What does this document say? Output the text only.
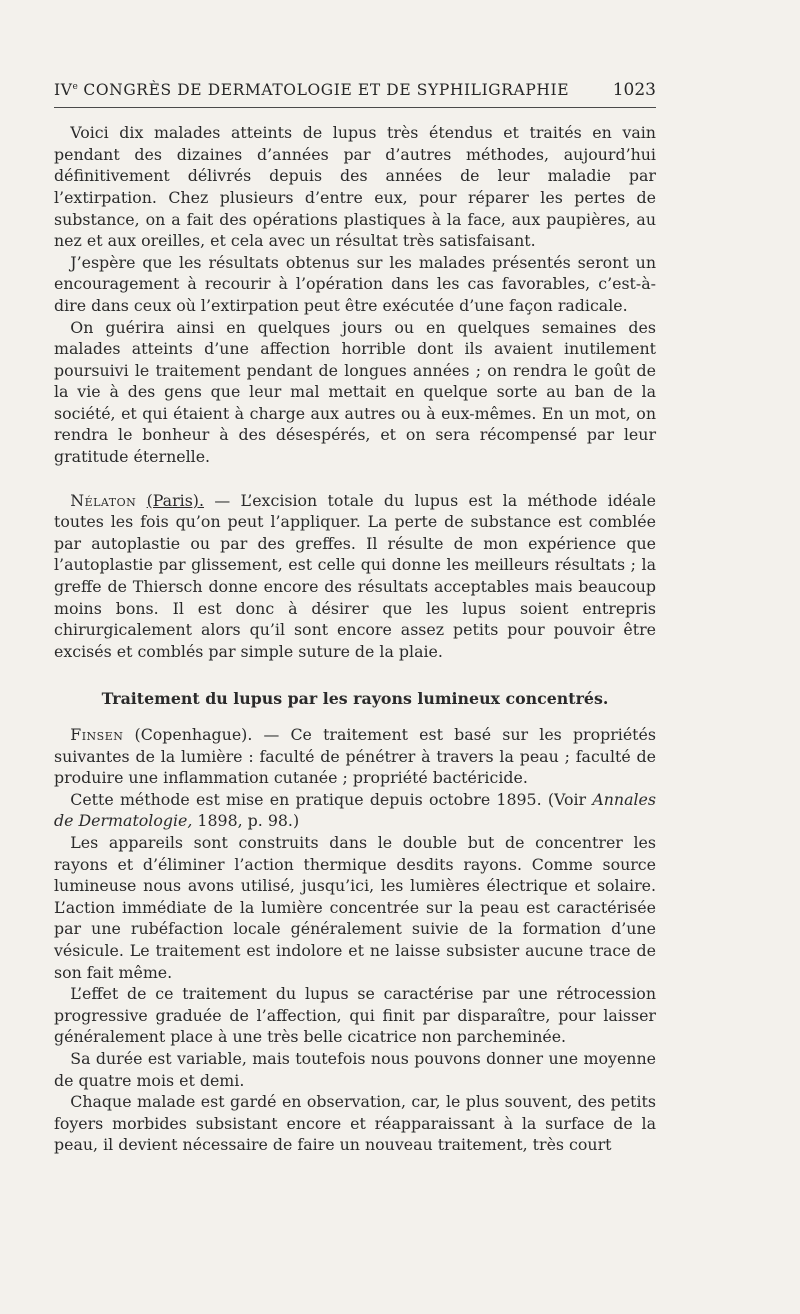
IVe CONGRÈS DE DERMATOLOGIE ET DE SYPHILIGRAPHIE	1023

Voici dix malades atteints de lupus très étendus et traités en vain pendant des dizaines d’années par d’autres méthodes, aujourd’hui définitivement délivrés depuis des années de leur maladie par l’extirpation. Chez plusieurs d’entre eux, pour réparer les pertes de substance, on a fait des opérations plastiques à la face, aux paupières, au nez et aux oreilles, et cela avec un résultat très satisfaisant.

J’espère que les résultats obtenus sur les malades présentés seront un encouragement à recourir à l’opération dans les cas favorables, c’est-à-dire dans ceux où l’extirpation peut être exécutée d’une façon radicale.

On guérira ainsi en quelques jours ou en quelques semaines des malades atteints d’une affection horrible dont ils avaient inutilement poursuivi le traitement pendant de longues années ; on rendra le goût de la vie à des gens que leur mal mettait en quelque sorte au ban de la société, et qui étaient à charge aux autres ou à eux-mêmes. En un mot, on rendra le bonheur à des désespérés, et on sera récompensé par leur gratitude éternelle.

Nélaton (Paris). — L’excision totale du lupus est la méthode idéale toutes les fois qu’on peut l’appliquer. La perte de substance est comblée par autoplastie ou par des greffes. Il résulte de mon expérience que l’autoplastie par glissement, est celle qui donne les meilleurs résultats ; la greffe de Thiersch donne encore des résultats acceptables mais beaucoup moins bons. Il est donc à désirer que les lupus soient entrepris chirurgicalement alors qu’il sont encore assez petits pour pouvoir être excisés et comblés par simple suture de la plaie.

Traitement du lupus par les rayons lumineux concentrés.

Finsen (Copenhague). — Ce traitement est basé sur les propriétés suivantes de la lumière : faculté de pénétrer à travers la peau ; faculté de produire une inflammation cutanée ; propriété bactéricide.

Cette méthode est mise en pratique depuis octobre 1895. (Voir Annales de Dermatologie, 1898, p. 98.)

Les appareils sont construits dans le double but de concentrer les rayons et d’éliminer l’action thermique desdits rayons. Comme source lumineuse nous avons utilisé, jusqu’ici, les lumières électrique et solaire. L’action immédiate de la lumière concentrée sur la peau est caractérisée par une rubéfaction locale généralement suivie de la formation d’une vésicule. Le traitement est indolore et ne laisse subsister aucune trace de son fait même.

L’effet de ce traitement du lupus se caractérise par une rétrocession progressive graduée de l’affection, qui finit par disparaître, pour laisser généralement place à une très belle cicatrice non parcheminée.

Sa durée est variable, mais toutefois nous pouvons donner une moyenne de quatre mois et demi.

Chaque malade est gardé en observation, car, le plus souvent, des petits foyers morbides subsistant encore et réapparaissant à la surface de la peau, il devient nécessaire de faire un nouveau traitement, très court
